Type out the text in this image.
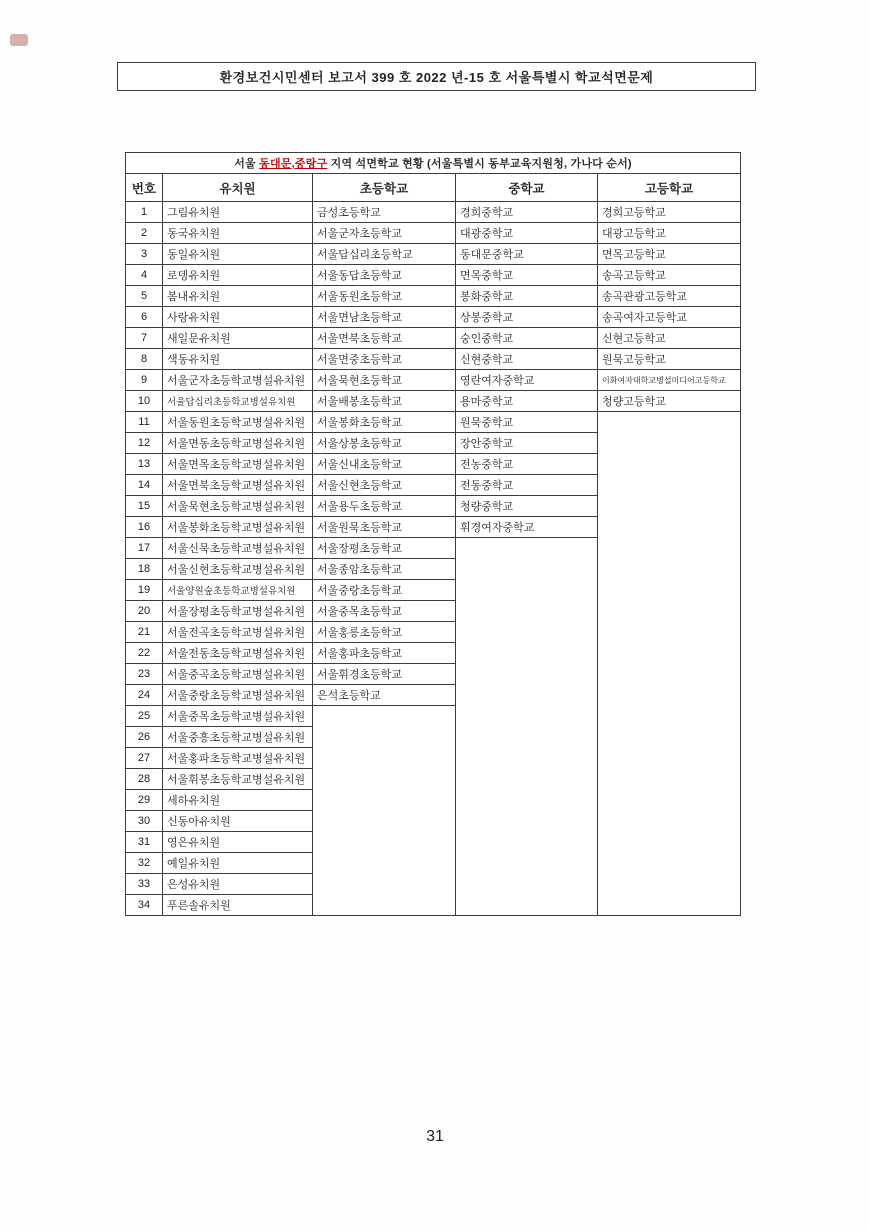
환경보건시민센터 보고서 399 호 2022 년-15 호 서울특별시 학교석면문제
서울 동대문,중랑구 지역 석면학교 현황 (서울특별시 동부교육지원청, 가나다 순서)				
번호	유치원	초등학교	중학교	고등학교
1	그림유치원	금성초등학교	경희중학교	경희고등학교
2	동국유치원	서울군자초등학교	대광중학교	대광고등학교
3	동일유치원	서울답십리초등학교	동대문중학교	면목고등학교
4	로뎅유치원	서울동답초등학교	면목중학교	송곡고등학교
5	봄내유치원	서울동원초등학교	봉화중학교	송곡관광고등학교
6	사랑유치원	서울면남초등학교	상봉중학교	송곡여자고등학교
7	새일문유치원	서울면북초등학교	숭인중학교	신현고등학교
8	색동유치원	서울면중초등학교	신현중학교	원묵고등학교
9	서울군자초등학교병설유치원	서울묵현초등학교	영란여자중학교	이화여자대학교병설미디어고등학교
10	서울답십리초등학교병설유치원	서울배봉초등학교	용마중학교	청량고등학교
11	서울동원초등학교병설유치원	서울봉화초등학교	원묵중학교	
12	서울면동초등학교병설유치원	서울상봉초등학교	장안중학교	
13	서울면목초등학교병설유치원	서울신내초등학교	전농중학교	
14	서울면북초등학교병설유치원	서울신현초등학교	전동중학교	
15	서울묵현초등학교병설유치원	서울용두초등학교	청량중학교	
16	서울봉화초등학교병설유치원	서울원묵초등학교	휘경여자중학교	
17	서울신묵초등학교병설유치원	서울장평초등학교		
18	서울신현초등학교병설유치원	서울종암초등학교		
19	서울양원숲초등학교병설유치원	서울중랑초등학교		
20	서울장평초등학교병설유치원	서울중목초등학교		
21	서울전곡초등학교병설유치원	서울홍릉초등학교		
22	서울전동초등학교병설유치원	서울홍파초등학교		
23	서울중곡초등학교병설유치원	서울휘경초등학교		
24	서울중랑초등학교병설유치원	은석초등학교		
25	서울중목초등학교병설유치원			
26	서울중흥초등학교병설유치원			
27	서울홍파초등학교병설유치원			
28	서울휘봉초등학교병설유치원			
29	세하유치원			
30	신동아유치원			
31	영은유치원			
32	예일유치원			
33	은성유치원			
34	푸른솔유치원			
31
